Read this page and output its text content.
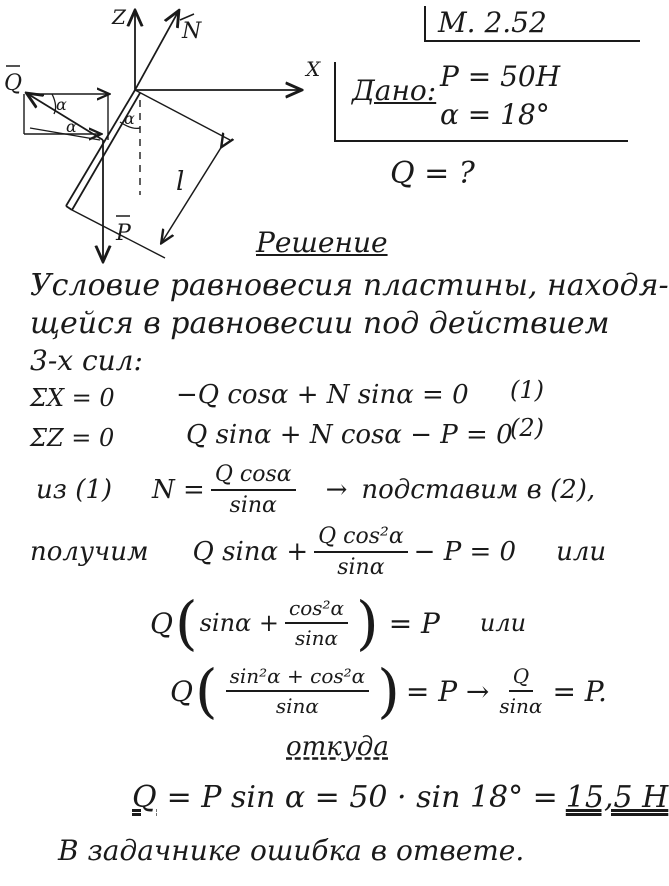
M. 2.52
Дано: P = 50H
α = 18°
Q = ?
Z
X
N
P
Q
α
α	α
l
Решение
Условие равновесия пластины, находя-
щейся в равновесии под действием
3-х сил:
ΣX = 0 −Q cosα + N sinα = 0 (1)
ΣZ = 0	Q sinα + N cosα − P = 0
(2)
из (1) $N = \frac{\text{Q cosα}}{\sin\alpha}$ → подставим в (2),
получим Q $\sin\alpha + \frac{\text{Q cos²α}}{\sin\alpha} - P = 0$ или
Q ( $\sin\alpha + \frac{\text{cos²α}}{\sin\alpha}$ ) = P или
Q ( $\frac{\text{sin²α + cos²α}}{\sin\alpha}$ ) = $P \to \frac{Q}{\sin\alpha} = P$.
откуда
Q = P sin α = 50 · sin 18° = 15,5 H
В задачнике ошибка в ответе.
